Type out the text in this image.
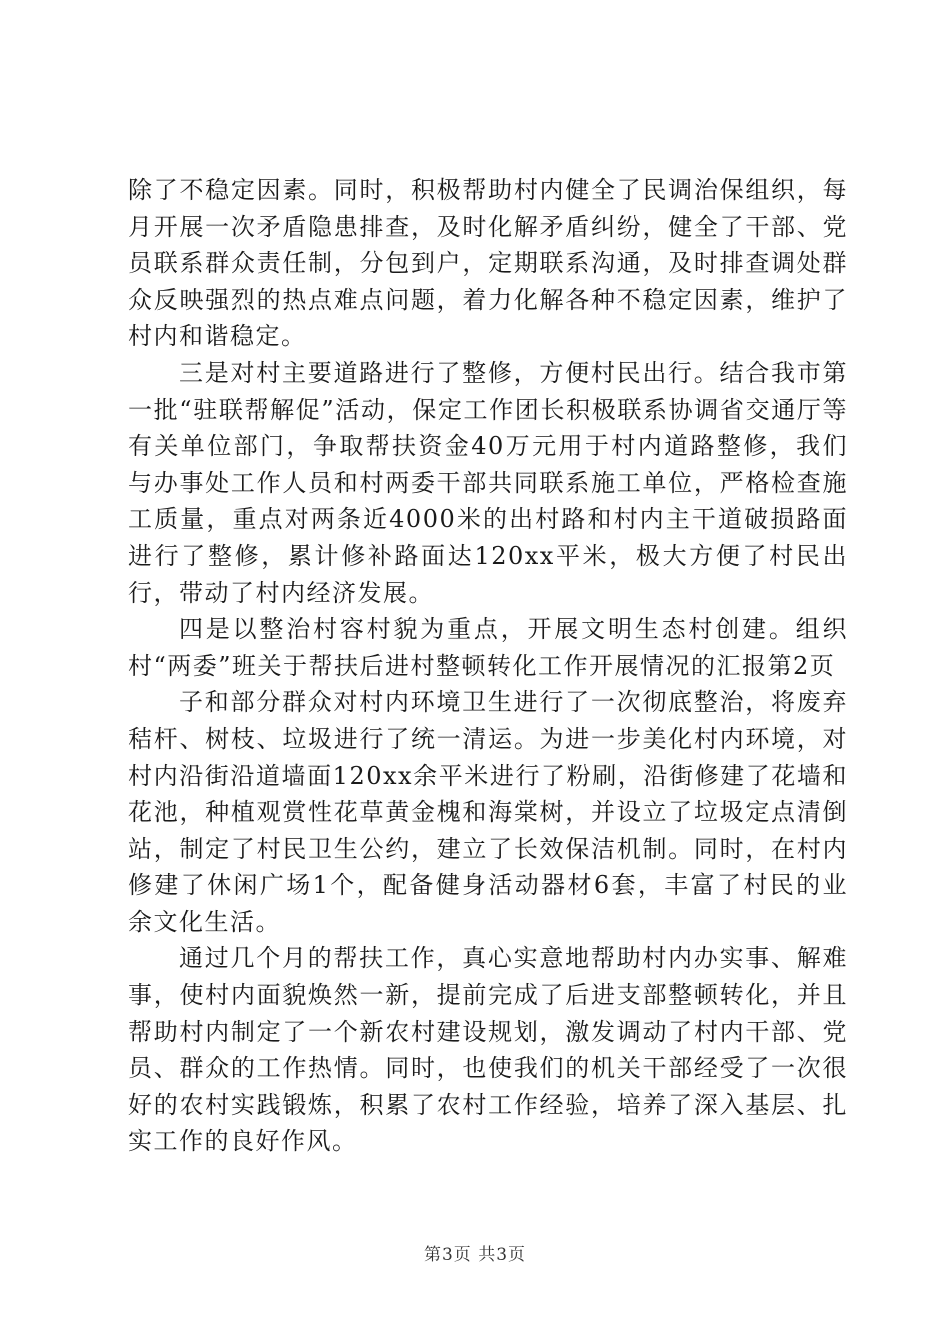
除了不稳定因素。同时，积极帮助村内健全了民调治保组织，每月开展一次矛盾隐患排查，及时化解矛盾纠纷，健全了干部、党员联系群众责任制，分包到户，定期联系沟通，及时排查调处群众反映强烈的热点难点问题，着力化解各种不稳定因素，维护了村内和谐稳定。

三是对村主要道路进行了整修，方便村民出行。结合我市第一批“驻联帮解促”活动，保定工作团长积极联系协调省交通厅等有关单位部门，争取帮扶资金40万元用于村内道路整修，我们与办事处工作人员和村两委干部共同联系施工单位，严格检查施工质量，重点对两条近4000米的出村路和村内主干道破损路面进行了整修，累计修补路面达120xx平米，极大方便了村民出行，带动了村内经济发展。

四是以整治村容村貌为重点，开展文明生态村创建。组织村“两委”班关于帮扶后进村整顿转化工作开展情况的汇报第2页

子和部分群众对村内环境卫生进行了一次彻底整治，将废弃秸杆、树枝、垃圾进行了统一清运。为进一步美化村内环境，对村内沿街沿道墙面120xx余平米进行了粉刷，沿街修建了花墙和花池，种植观赏性花草黄金槐和海棠树，并设立了垃圾定点清倒站，制定了村民卫生公约，建立了长效保洁机制。同时，在村内修建了休闲广场1个，配备健身活动器材6套，丰富了村民的业余文化生活。

通过几个月的帮扶工作，真心实意地帮助村内办实事、解难事，使村内面貌焕然一新，提前完成了后进支部整顿转化，并且帮助村内制定了一个新农村建设规划，激发调动了村内干部、党员、群众的工作热情。同时，也使我们的机关干部经受了一次很好的农村实践锻炼，积累了农村工作经验，培养了深入基层、扎实工作的良好作风。

第3页 共3页
